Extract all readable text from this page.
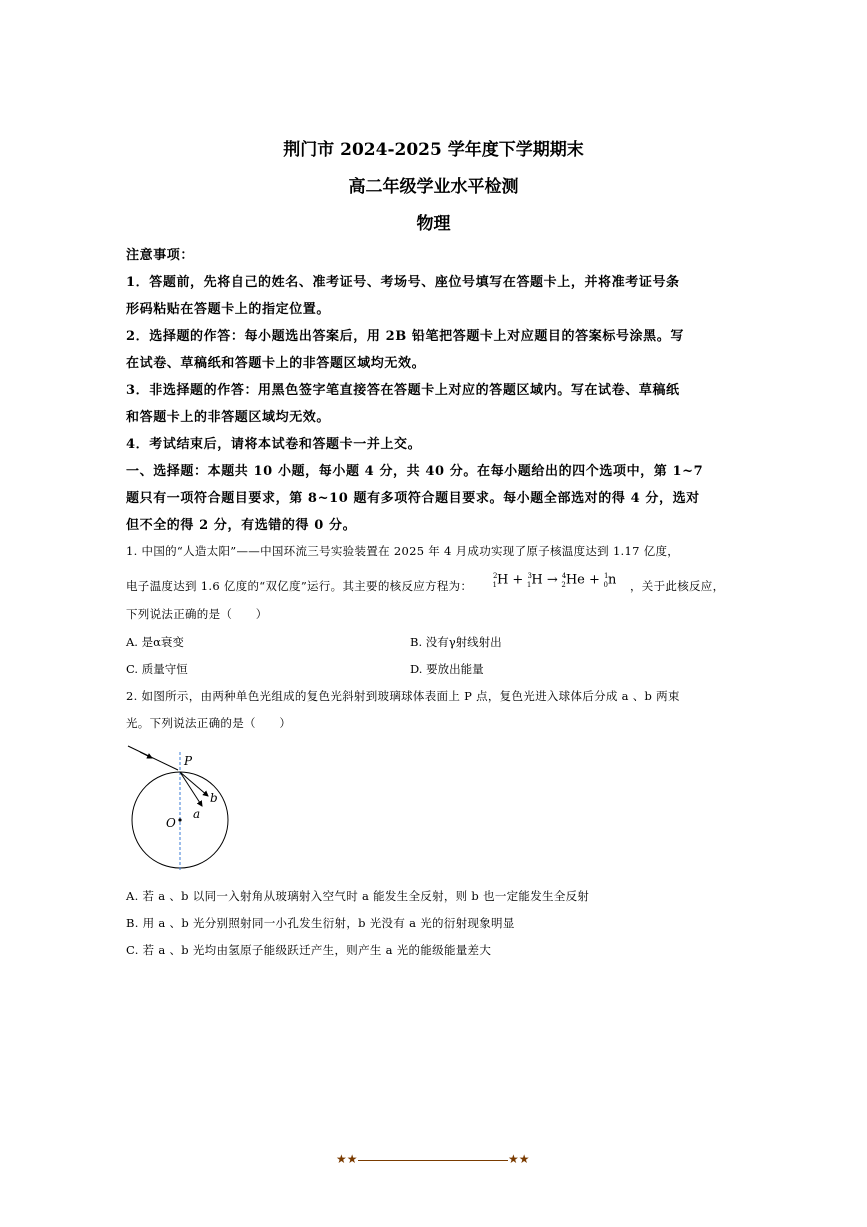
荆门市 2024-2025 学年度下学期期末
高二年级学业水平检测
物理
注意事项：
1．答题前，先将自己的姓名、准考证号、考场号、座位号填写在答题卡上，并将准考证号条
形码粘贴在答题卡上的指定位置。
2．选择题的作答：每小题选出答案后，用 2B 铅笔把答题卡上对应题目的答案标号涂黑。写
在试卷、草稿纸和答题卡上的非答题区域均无效。
3．非选择题的作答：用黑色签字笔直接答在答题卡上对应的答题区域内。写在试卷、草稿纸
和答题卡上的非答题区域均无效。
4．考试结束后，请将本试卷和答题卡一并上交。
一、选择题：本题共 10 小题，每小题 4 分，共 40 分。在每小题给出的四个选项中，第 1~7
题只有一项符合题目要求，第 8~10 题有多项符合题目要求。每小题全部选对的得 4 分，选对
但不全的得 2 分，有选错的得 0 分。
1. 中国的“人造太阳”——中国环流三号实验装置在 2025 年 4 月成功实现了原子核温度达到 1.17 亿度，
电子温度达到 1.6 亿度的“双亿度”运行。其主要的核反应方程为：
$^2_1$H + $^3_1$H → $^4_2$He + $^1_0$n ，关于此核反应，
下列说法正确的是（　　）
A. 是α衰变	B. 没有γ射线射出
C. 质量守恒	D. 要放出能量
2. 如图所示，由两种单色光组成的复色光斜射到玻璃球体表面上 P 点，复色光进入球体后分成 a 、b 两束
光。下列说法正确的是（　　）
P
b
a
O
A. 若 a 、b 以同一入射角从玻璃射入空气时 a 能发生全反射，则 b 也一定能发生全反射
B. 用 a 、b 光分别照射同一小孔发生衍射，b 光没有 a 光的衍射现象明显
C. 若 a 、b 光均由氢原子能级跃迁产生，则产生 a 光的能级能量差大
★★	★★
